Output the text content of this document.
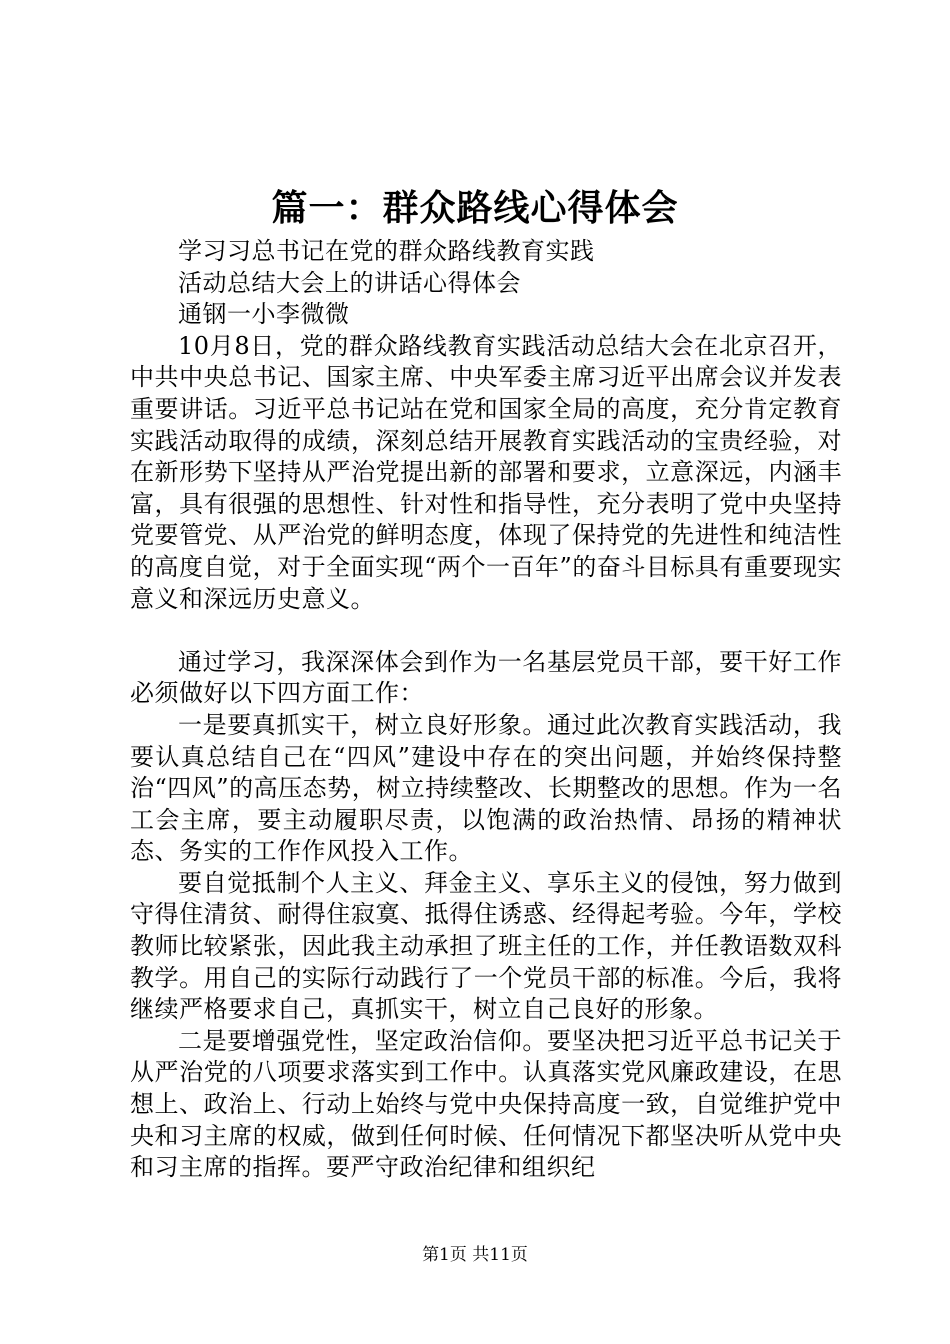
篇一：群众路线心得体会

学习习总书记在党的群众路线教育实践

活动总结大会上的讲话心得体会

通钢一小李微微

10月8日，党的群众路线教育实践活动总结大会在北京召开，中共中央总书记、国家主席、中央军委主席习近平出席会议并发表重要讲话。习近平总书记站在党和国家全局的高度，充分肯定教育实践活动取得的成绩，深刻总结开展教育实践活动的宝贵经验，对在新形势下坚持从严治党提出新的部署和要求，立意深远，内涵丰富，具有很强的思想性、针对性和指导性，充分表明了党中央坚持党要管党、从严治党的鲜明态度，体现了保持党的先进性和纯洁性的高度自觉，对于全面实现“两个一百年”的奋斗目标具有重要现实意义和深远历史意义。

通过学习，我深深体会到作为一名基层党员干部，要干好工作必须做好以下四方面工作：

一是要真抓实干，树立良好形象。通过此次教育实践活动，我要认真总结自己在“四风”建设中存在的突出问题，并始终保持整治“四风”的高压态势，树立持续整改、长期整改的思想。作为一名工会主席，要主动履职尽责，以饱满的政治热情、昂扬的精神状态、务实的工作作风投入工作。

要自觉抵制个人主义、拜金主义、享乐主义的侵蚀，努力做到守得住清贫、耐得住寂寞、抵得住诱惑、经得起考验。今年，学校教师比较紧张，因此我主动承担了班主任的工作，并任教语数双科教学。用自己的实际行动践行了一个党员干部的标准。今后，我将继续严格要求自己，真抓实干，树立自己良好的形象。

二是要增强党性，坚定政治信仰。要坚决把习近平总书记关于从严治党的八项要求落实到工作中。认真落实党风廉政建设，在思想上、政治上、行动上始终与党中央保持高度一致，自觉维护党中央和习主席的权威，做到任何时候、任何情况下都坚决听从党中央和习主席的指挥。要严守政治纪律和组织纪

第1页 共11页
